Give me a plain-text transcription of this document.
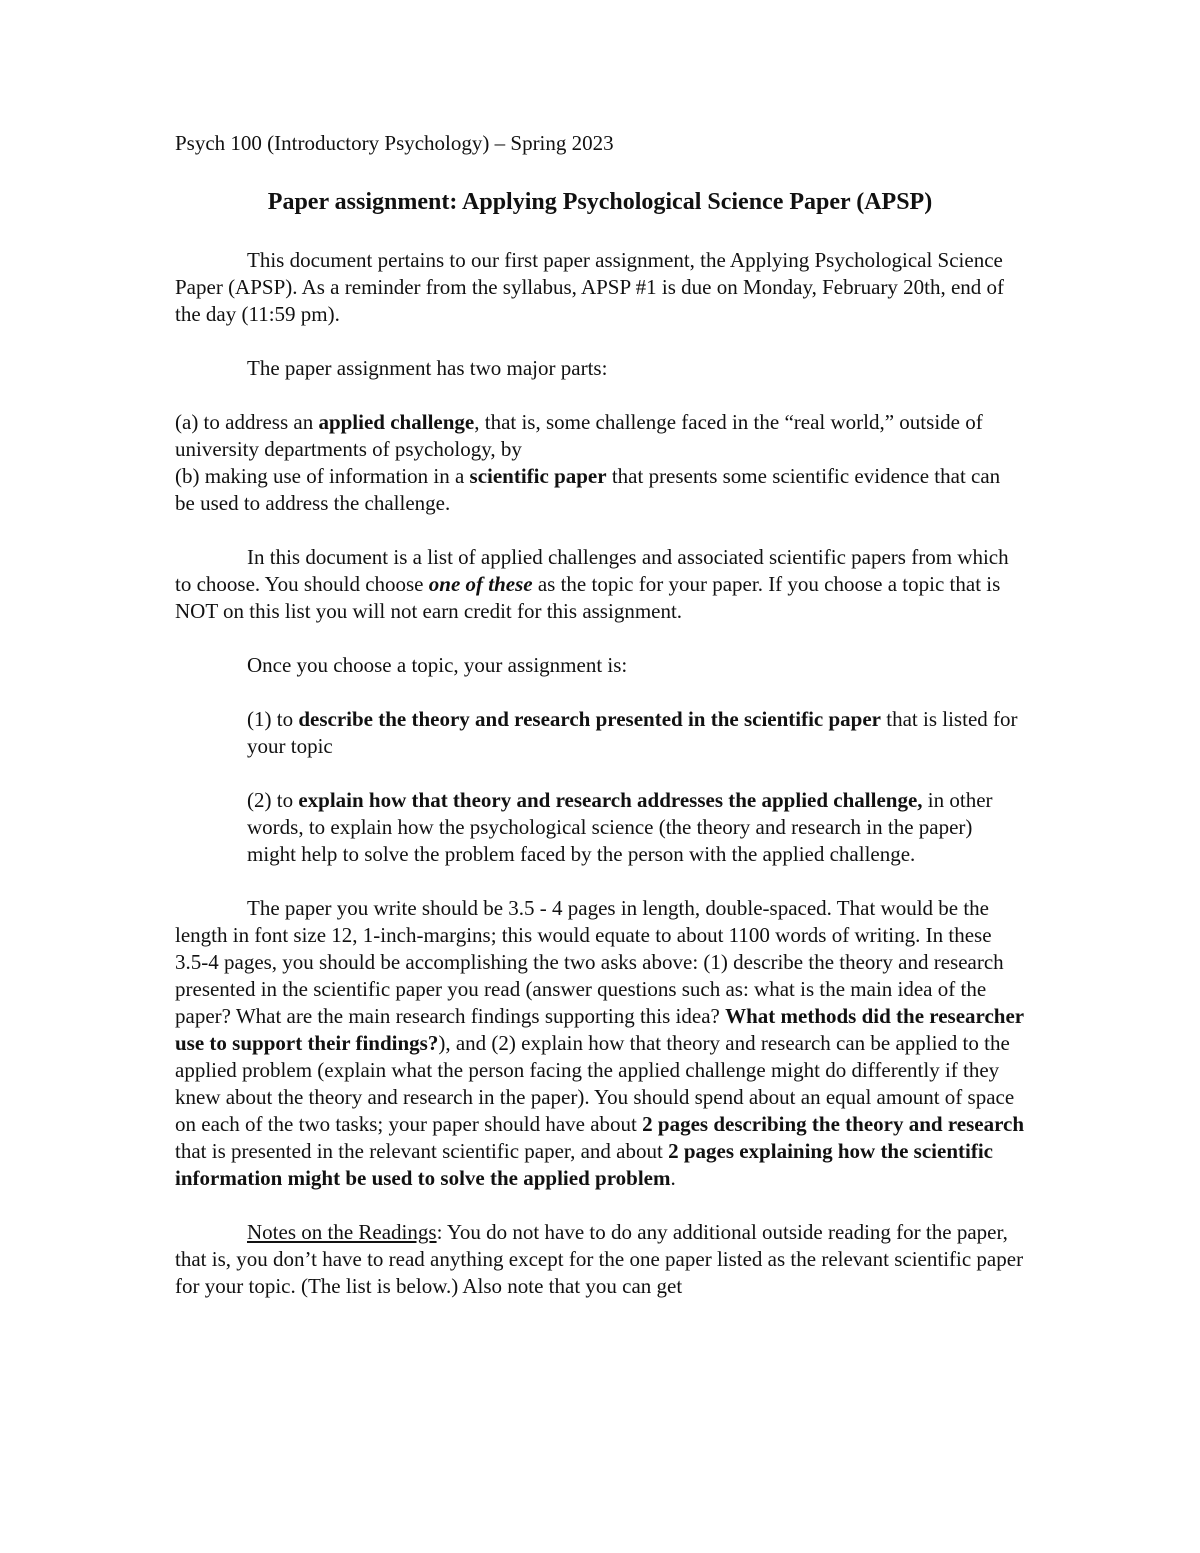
Psych 100 (Introductory Psychology) – Spring 2023

Paper assignment: Applying Psychological Science Paper (APSP)

This document pertains to our first paper assignment, the Applying Psychological Science Paper (APSP). As a reminder from the syllabus, APSP #1 is due on Monday, February 20th, end of the day (11:59 pm).

The paper assignment has two major parts:

(a) to address an applied challenge, that is, some challenge faced in the “real world,” outside of university departments of psychology, by

(b) making use of information in a scientific paper that presents some scientific evidence that can be used to address the challenge.

In this document is a list of applied challenges and associated scientific papers from which to choose. You should choose one of these as the topic for your paper. If you choose a topic that is NOT on this list you will not earn credit for this assignment.

Once you choose a topic, your assignment is:

(1) to describe the theory and research presented in the scientific paper that is listed for your topic

(2) to explain how that theory and research addresses the applied challenge, in other words, to explain how the psychological science (the theory and research in the paper) might help to solve the problem faced by the person with the applied challenge.

The paper you write should be 3.5 - 4 pages in length, double-spaced. That would be the length in font size 12, 1-inch-margins; this would equate to about 1100 words of writing. In these 3.5-4 pages, you should be accomplishing the two asks above: (1) describe the theory and research presented in the scientific paper you read (answer questions such as: what is the main idea of the paper? What are the main research findings supporting this idea? What methods did the researcher use to support their findings?), and (2) explain how that theory and research can be applied to the applied problem (explain what the person facing the applied challenge might do differently if they knew about the theory and research in the paper). You should spend about an equal amount of space on each of the two tasks; your paper should have about 2 pages describing the theory and research that is presented in the relevant scientific paper, and about 2 pages explaining how the scientific information might be used to solve the applied problem.

Notes on the Readings: You do not have to do any additional outside reading for the paper, that is, you don’t have to read anything except for the one paper listed as the relevant scientific paper for your topic. (The list is below.) Also note that you can get
